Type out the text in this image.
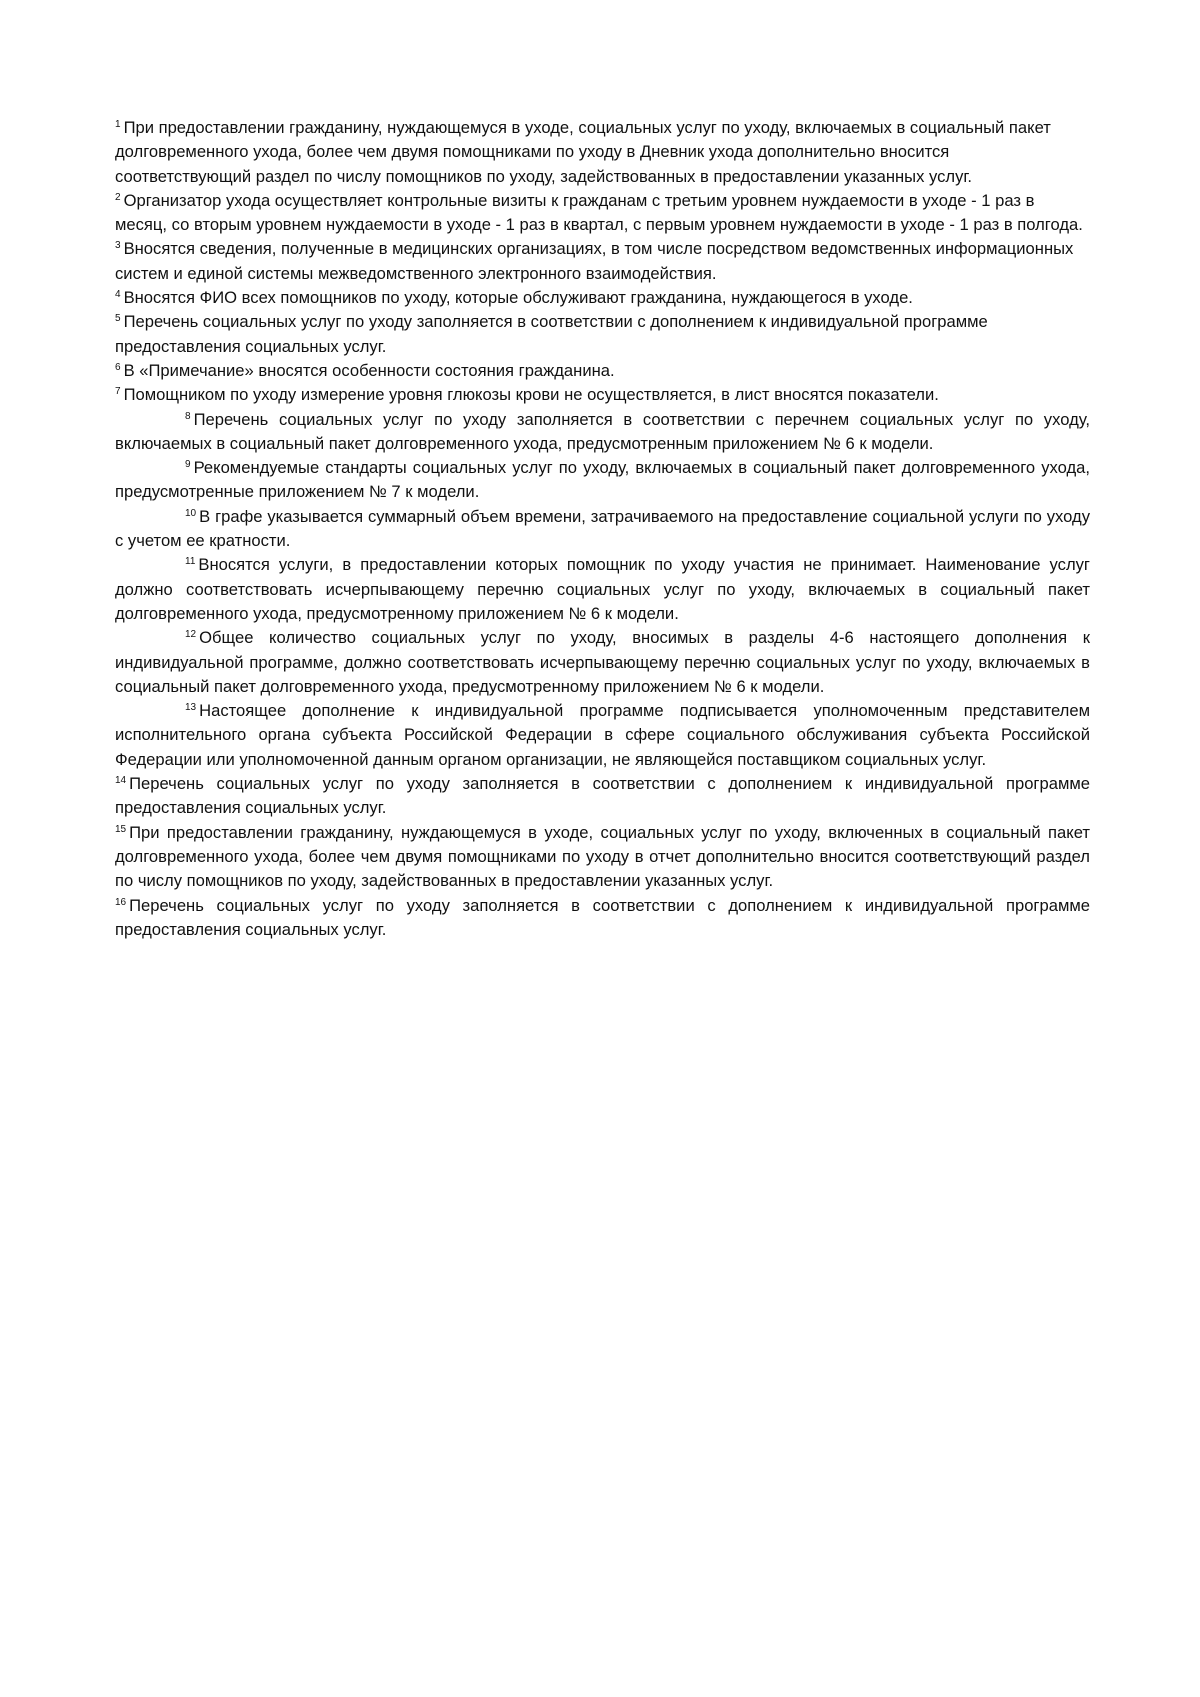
$^1$ При предоставлении гражданину, нуждающемуся в уходе, социальных услуг по уходу, включаемых в социальный пакет долговременного ухода, более чем двумя помощниками по уходу в Дневник ухода дополнительно вносится соответствующий раздел по числу помощников по уходу, задействованных в предоставлении указанных услуг.

$^2$ Организатор ухода осуществляет контрольные визиты к гражданам с третьим уровнем нуждаемости в уходе - 1 раз в месяц, со вторым уровнем нуждаемости в уходе - 1 раз в квартал, с первым уровнем нуждаемости в уходе - 1 раз в полгода.

$^3$ Вносятся сведения, полученные в медицинских организациях, в том числе посредством ведомственных информационных систем и единой системы межведомственного электронного взаимодействия.

$^4$ Вносятся ФИО всех помощников по уходу, которые обслуживают гражданина, нуждающегося в уходе.

$^5$ Перечень социальных услуг по уходу заполняется в соответствии с дополнением к индивидуальной программе предоставления социальных услуг.

$^6$ В «Примечание» вносятся особенности состояния гражданина.

$^7$ Помощником по уходу измерение уровня глюкозы крови не осуществляется, в лист вносятся показатели.

$^8$ Перечень социальных услуг по уходу заполняется в соответствии с перечнем социальных услуг по уходу, включаемых в социальный пакет долговременного ухода, предусмотренным приложением № 6 к модели.

$^9$ Рекомендуемые стандарты социальных услуг по уходу, включаемых в социальный пакет долговременного ухода, предусмотренные приложением № 7 к модели.

$^{10}$ В графе указывается суммарный объем времени, затрачиваемого на предоставление социальной услуги по уходу с учетом ее кратности.

$^{11}$ Вносятся услуги, в предоставлении которых помощник по уходу участия не принимает. Наименование услуг должно соответствовать исчерпывающему перечню социальных услуг по уходу, включаемых в социальный пакет долговременного ухода, предусмотренному приложением № 6 к модели.

$^{12}$ Общее количество социальных услуг по уходу, вносимых в разделы 4-6 настоящего дополнения к индивидуальной программе, должно соответствовать исчерпывающему перечню социальных услуг по уходу, включаемых в социальный пакет долговременного ухода, предусмотренному приложением № 6 к модели.

$^{13}$ Настоящее дополнение к индивидуальной программе подписывается уполномоченным представителем исполнительного органа субъекта Российской Федерации в сфере социального обслуживания субъекта Российской Федерации или уполномоченной данным органом организации, не являющейся поставщиком социальных услуг.

$^{14}$ Перечень социальных услуг по уходу заполняется в соответствии с дополнением к индивидуальной программе предоставления социальных услуг.

$^{15}$ При предоставлении гражданину, нуждающемуся в уходе, социальных услуг по уходу, включенных в социальный пакет долговременного ухода, более чем двумя помощниками по уходу в отчет дополнительно вносится соответствующий раздел по числу помощников по уходу, задействованных в предоставлении указанных услуг.

$^{16}$ Перечень социальных услуг по уходу заполняется в соответствии с дополнением к индивидуальной программе предоставления социальных услуг.
